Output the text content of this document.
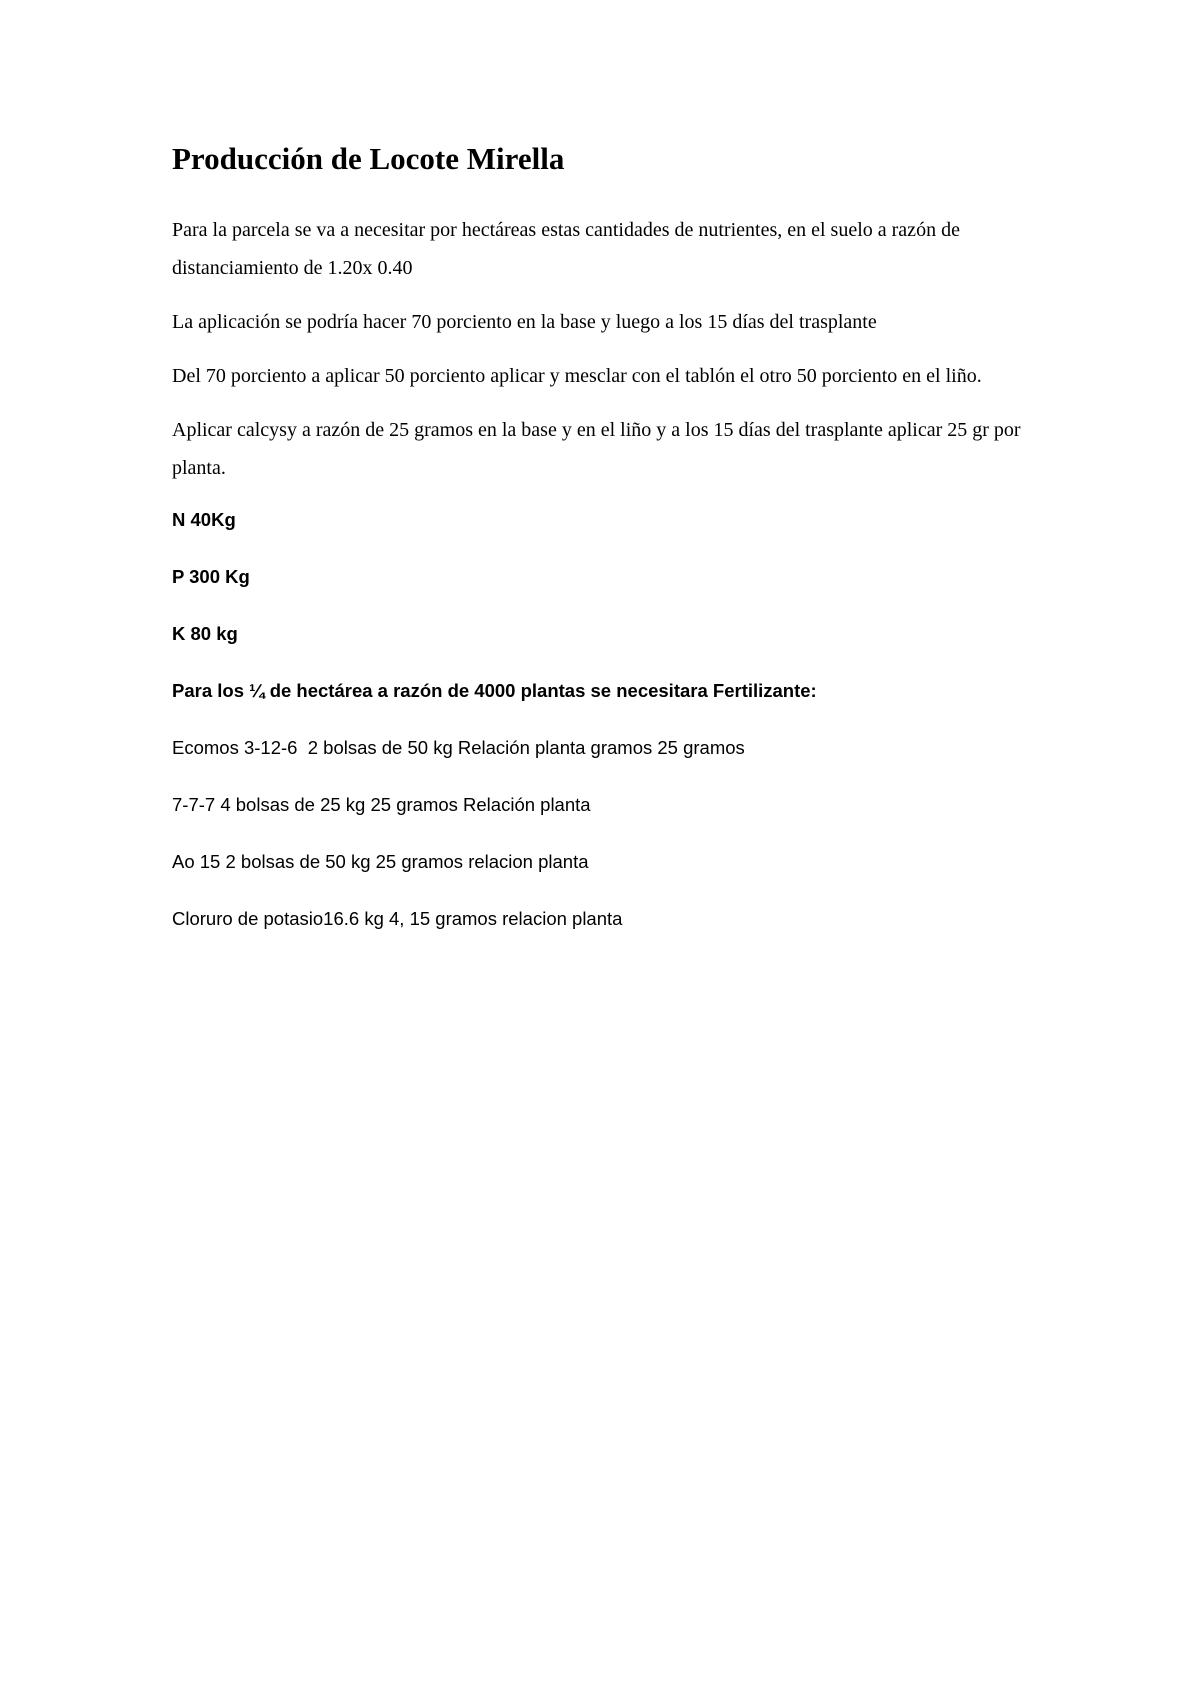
Producción de Locote Mirella

Para la parcela se va a necesitar por hectáreas estas cantidades de nutrientes, en el suelo a razón de distanciamiento de 1.20x 0.40

La aplicación se podría hacer 70 porciento en la base y luego a los 15 días del trasplante

Del 70 porciento a aplicar 50 porciento aplicar y mesclar con el tablón el otro 50 porciento en el liño.

Aplicar calcysy a razón de 25 gramos en la base y en el liño y a los 15 días del trasplante aplicar 25 gr por planta.

N 40Kg

P 300 Kg

K 80 kg

Para los ¼ de hectárea a razón de 4000 plantas se necesitara Fertilizante:

Ecomos 3-12-6  2 bolsas de 50 kg Relación planta gramos 25 gramos

7-7-7 4 bolsas de 25 kg 25 gramos Relación planta

Ao 15 2 bolsas de 50 kg 25 gramos relacion planta

Cloruro de potasio16.6 kg 4, 15 gramos relacion planta
